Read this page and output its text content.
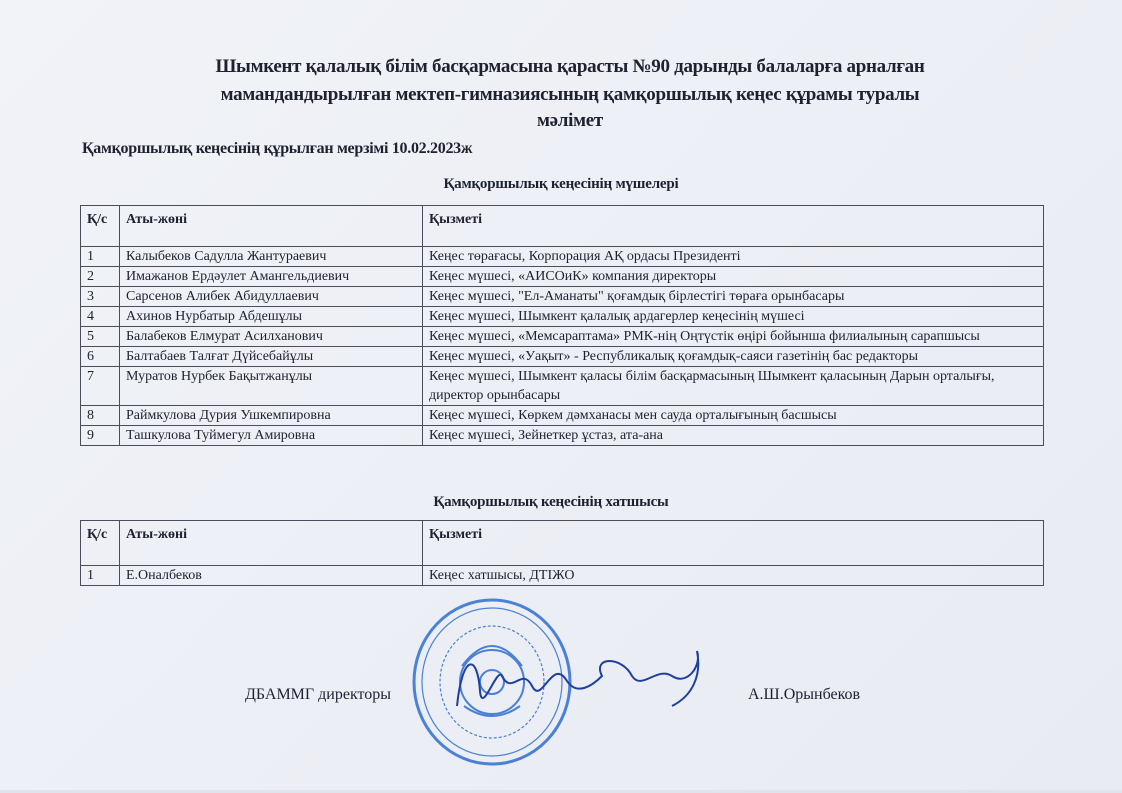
Шымкент қалалық білім басқармасына қарасты №90 дарынды балаларға арналған
мамандандырылған мектеп-гимназиясының қамқоршылық кеңес құрамы туралы
мәлімет
Қамқоршылық кеңесінің құрылған мерзімі 10.02.2023ж
Қамқоршылық кеңесінің мүшелері
Қ/с	Аты-жөні	Қызметі
1	Калыбеков Садулла Жантураевич	Кеңес төрағасы, Корпорация АҚ ордасы Президенті
2	Имажанов Ердәулет Амангельдиевич	Кеңес мүшесі, «АИСОиК» компания директоры
3	Сарсенов Алибек Абидуллаевич	Кеңес мүшесі, "Ел-Аманаты" қоғамдық бірлестігі төраға орынбасары
4	Ахинов Нурбатыр Абдешұлы	Кеңес мүшесі, Шымкент қалалық ардагерлер кеңесінің мүшесі
5	Балабеков Елмурат Асилханович	Кеңес мүшесі, «Мемсараптама» РМК-нің Оңтүстік өңірі бойынша филиалының сарапшысы
6	Балтабаев Талғат Дүйсебайұлы	Кеңес мүшесі, «Уақыт» - Республикалық қоғамдық-саяси газетінің бас редакторы
7	Муратов Нурбек Бақытжанұлы	Кеңес мүшесі, Шымкент қаласы білім басқармасының Шымкент қаласының Дарын орталығы, директор орынбасары
8	Раймкулова Дурия Ушкемпировна	Кеңес мүшесі, Көркем дәмханасы мен сауда орталығының басшысы
9	Ташкулова Туймегул Амировна	Кеңес мүшесі, Зейнеткер ұстаз, ата-ана
Қамқоршылық кеңесінің хатшысы
Қ/с	Аты-жөні	Қызметі
1	Е.Оналбеков	Кеңес хатшысы, ДТІЖО
ДБАММГ директоры	А.Ш.Орынбеков
